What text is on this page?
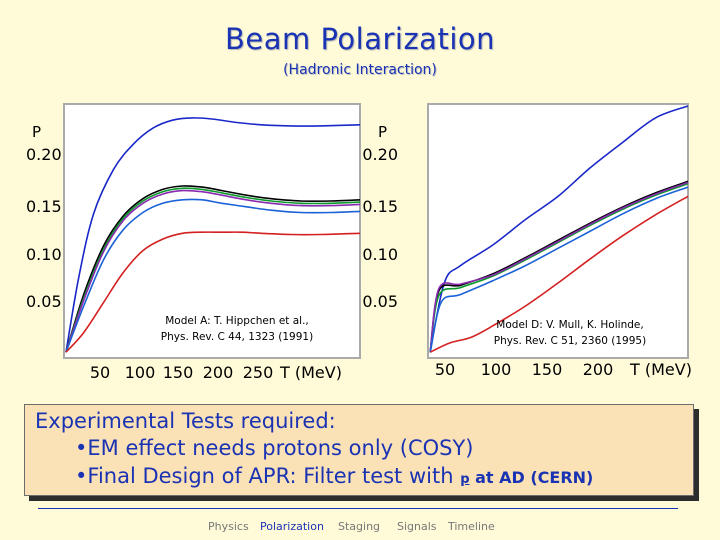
Beam Polarization
(Hadronic Interaction)
P
0.20
0.15
0.10
0.05
50 100 150 200 250 T (MeV)
Model A: T. Hippchen et al.,
Phys. Rev. C 44, 1323 (1991)
P
0.20
0.15
0.10
0.05
50 100 150 200 T (MeV)
Model D: V. Mull, K. Holinde,
Phys. Rev. C 51, 2360 (1995)
Experimental Tests required:
•EM effect needs protons only (COSY)
•Final Design of APR: Filter test with p at AD (CERN)
Physics Polarization Staging Signals Timeline
